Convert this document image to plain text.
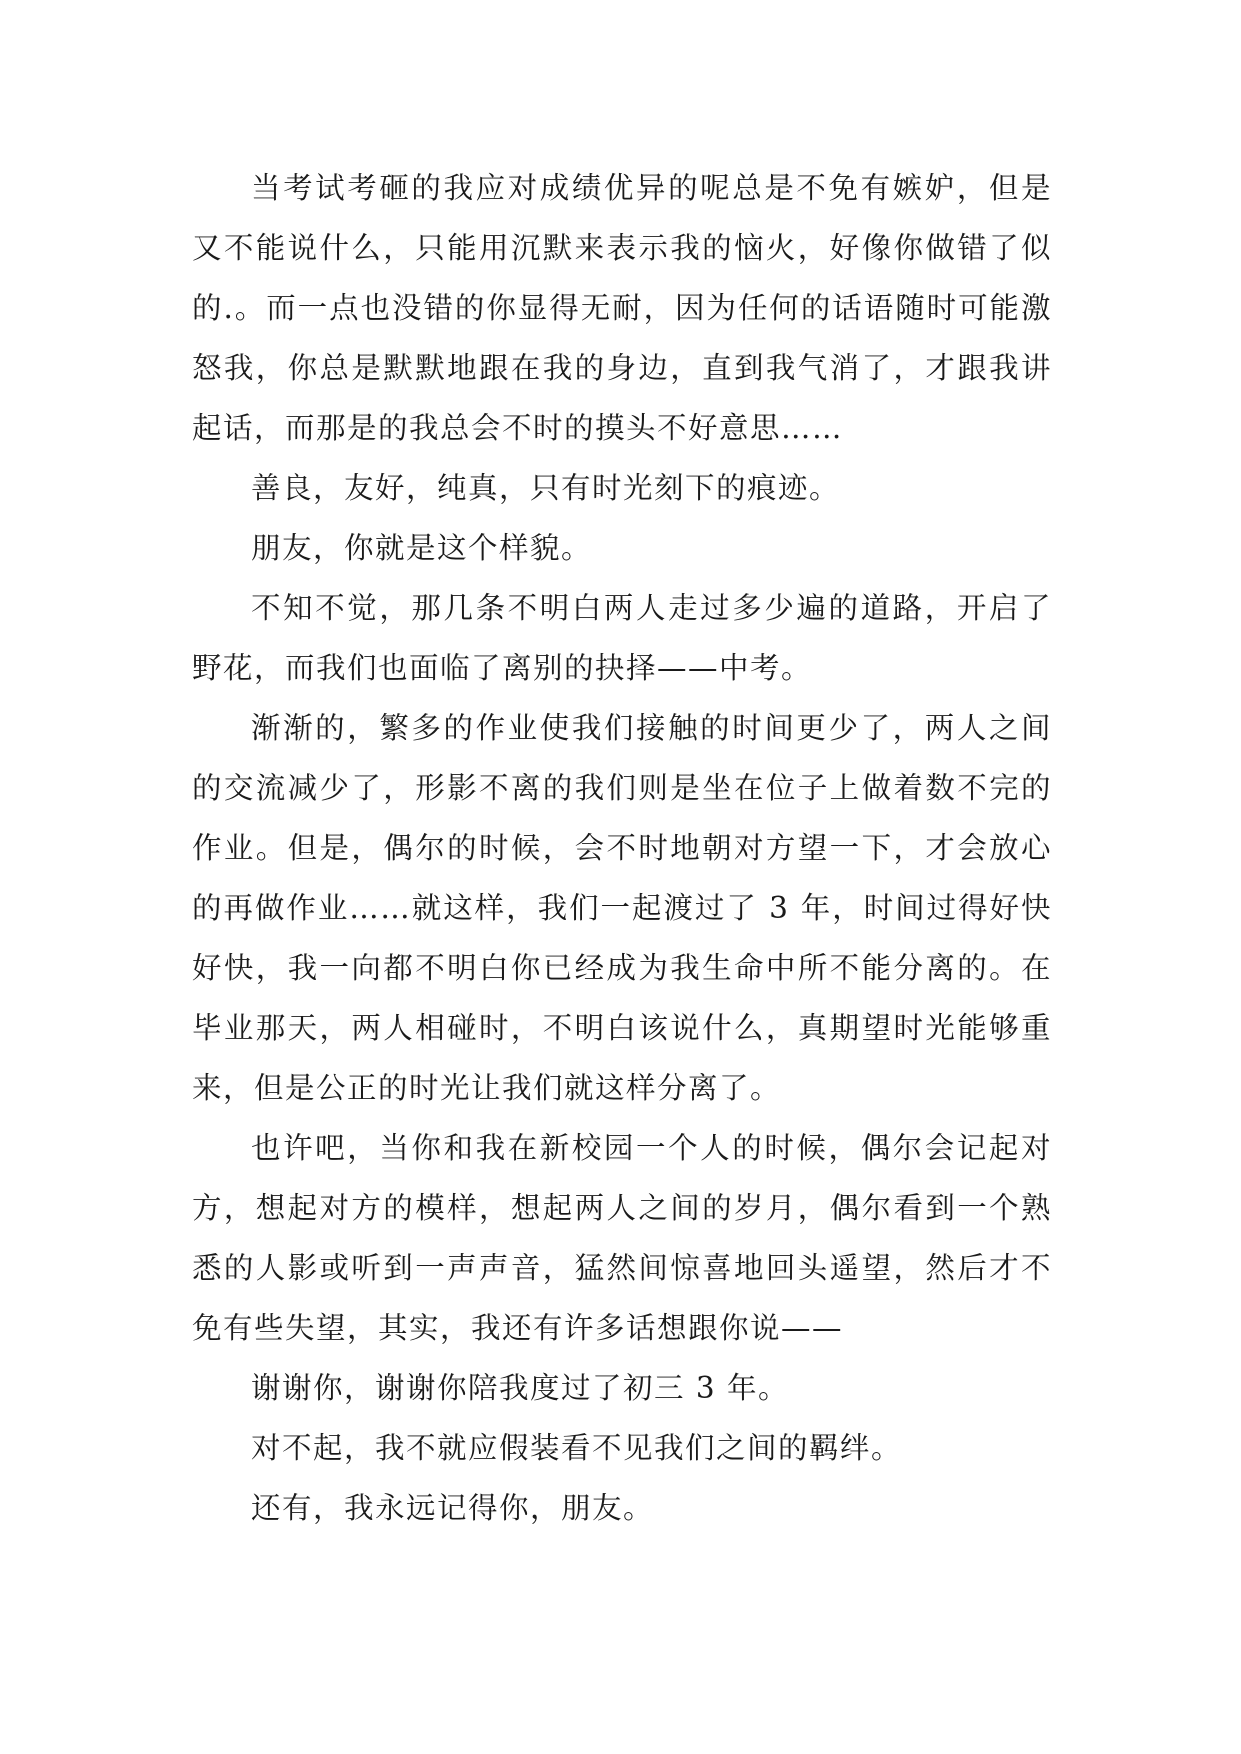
当考试考砸的我应对成绩优异的呢总是不免有嫉妒，但是又不能说什么，只能用沉默来表示我的恼火，好像你做错了似的.。而一点也没错的你显得无耐，因为任何的话语随时可能激怒我，你总是默默地跟在我的身边，直到我气消了，才跟我讲起话，而那是的我总会不时的摸头不好意思……

善良，友好，纯真，只有时光刻下的痕迹。

朋友，你就是这个样貌。

不知不觉，那几条不明白两人走过多少遍的道路，开启了野花，而我们也面临了离别的抉择——中考。

渐渐的，繁多的作业使我们接触的时间更少了，两人之间的交流减少了，形影不离的我们则是坐在位子上做着数不完的作业。但是，偶尔的时候，会不时地朝对方望一下，才会放心的再做作业……就这样，我们一起渡过了 3 年，时间过得好快好快，我一向都不明白你已经成为我生命中所不能分离的。在毕业那天，两人相碰时，不明白该说什么，真期望时光能够重来，但是公正的时光让我们就这样分离了。

也许吧，当你和我在新校园一个人的时候，偶尔会记起对方，想起对方的模样，想起两人之间的岁月，偶尔看到一个熟悉的人影或听到一声声音，猛然间惊喜地回头遥望，然后才不免有些失望，其实，我还有许多话想跟你说——

谢谢你，谢谢你陪我度过了初三 3 年。

对不起，我不就应假装看不见我们之间的羁绊。

还有，我永远记得你，朋友。
